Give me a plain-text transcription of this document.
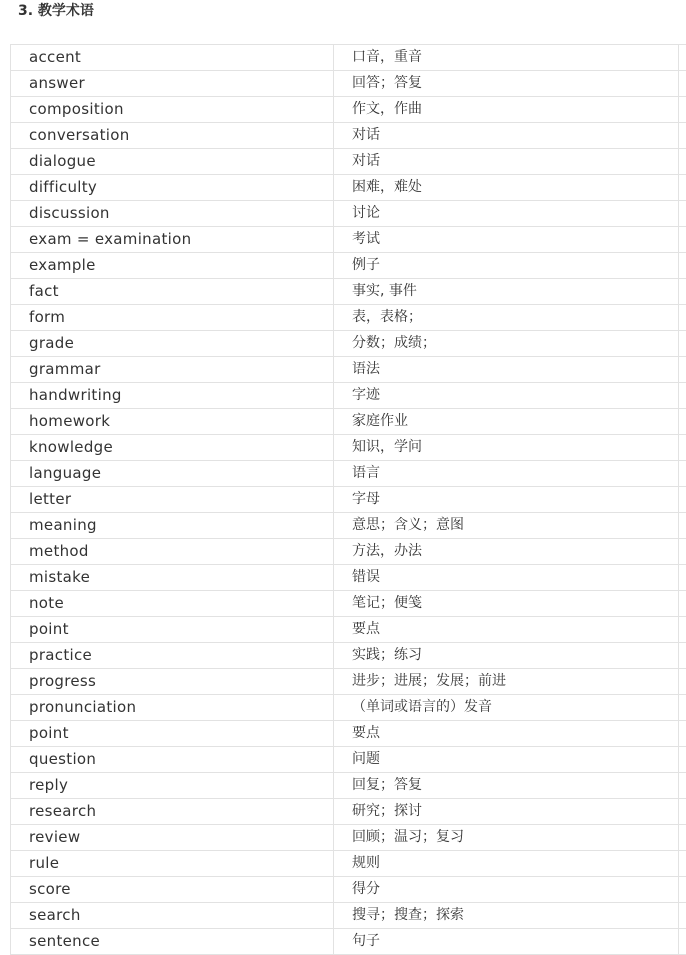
3. 教学术语
accent	口音，重音	
answer	回答；答复	
composition	作文，作曲	
conversation	对话	
dialogue	对话	
difficulty	困难，难处	
discussion	讨论	
exam = examination	考试	
example	例子	
fact	事实, 事件	
form	表，表格；	
grade	分数；成绩；	
grammar	语法	
handwriting	字迹	
homework	家庭作业	
knowledge	知识，学问	
language	语言	
letter	字母	
meaning	意思；含义；意图	
method	方法，办法	
mistake	错误	
note	笔记；便笺	
point	要点	
practice	实践；练习	
progress	进步；进展；发展；前进	
pronunciation	（单词或语言的）发音	
point	要点	
question	问题	
reply	回复；答复	
research	研究；探讨	
review	回顾；温习；复习	
rule	规则	
score	得分	
search	搜寻；搜查；探索	
sentence	句子	
